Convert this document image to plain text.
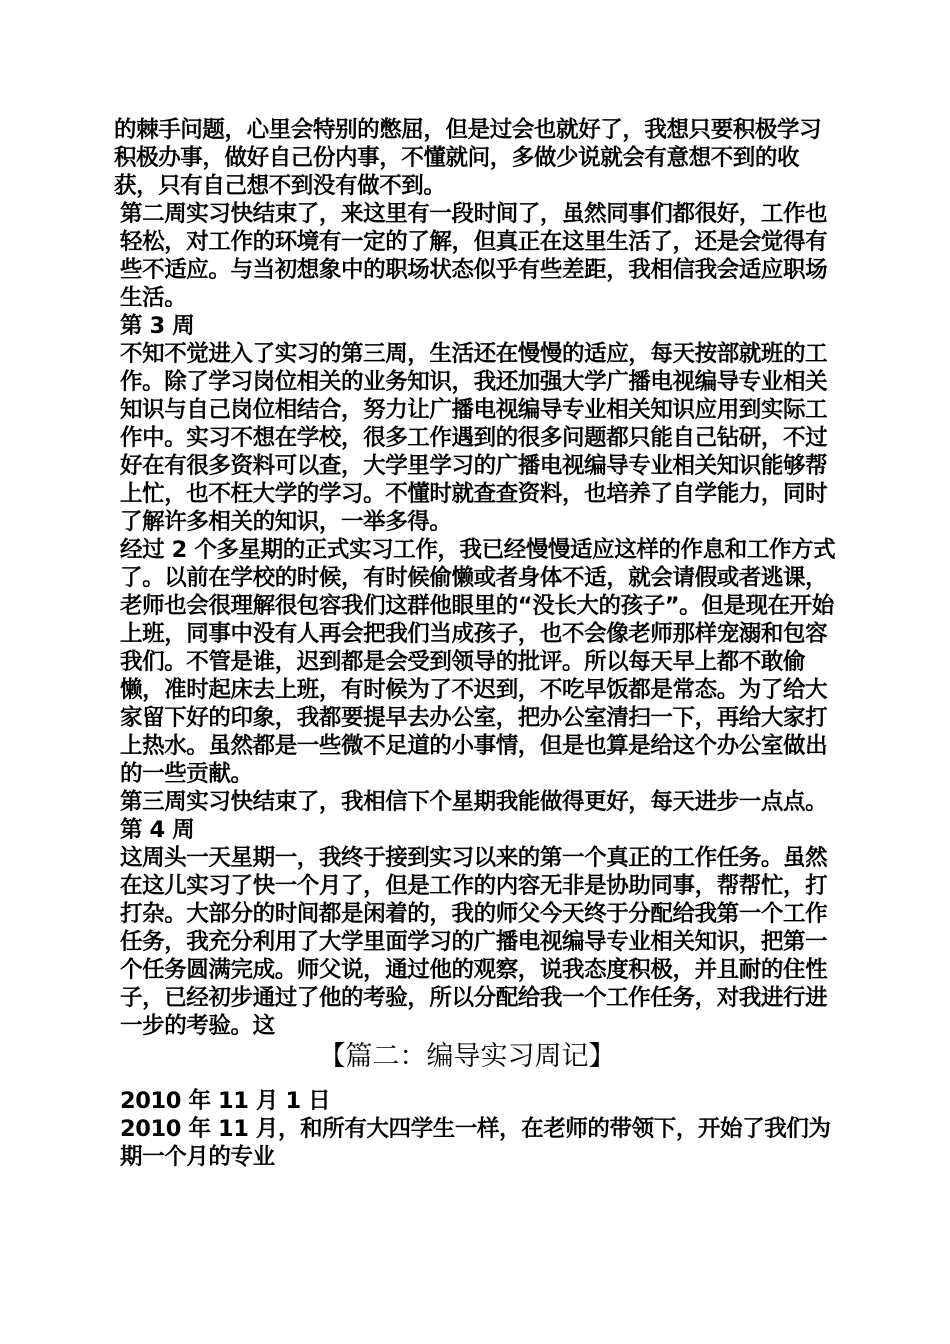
的棘手问题，心里会特别的憋屈，但是过会也就好了，我想只要积极学习积极办事，做好自己份内事，不懂就问，多做少说就会有意想不到的收获，只有自己想不到没有做不到。

第二周实习快结束了，来这里有一段时间了，虽然同事们都很好，工作也轻松，对工作的环境有一定的了解，但真正在这里生活了，还是会觉得有些不适应。与当初想象中的职场状态似乎有些差距，我相信我会适应职场生活。

第 3 周

不知不觉进入了实习的第三周，生活还在慢慢的适应，每天按部就班的工作。除了学习岗位相关的业务知识，我还加强大学广播电视编导专业相关知识与自己岗位相结合，努力让广播电视编导专业相关知识应用到实际工作中。实习不想在学校，很多工作遇到的很多问题都只能自己钻研，不过好在有很多资料可以查，大学里学习的广播电视编导专业相关知识能够帮上忙，也不枉大学的学习。不懂时就查查资料，也培养了自学能力，同时了解许多相关的知识，一举多得。

经过 2 个多星期的正式实习工作，我已经慢慢适应这样的作息和工作方式了。以前在学校的时候，有时候偷懒或者身体不适，就会请假或者逃课，老师也会很理解很包容我们这群他眼里的“没长大的孩子”。但是现在开始上班，同事中没有人再会把我们当成孩子，也不会像老师那样宠溺和包容我们。不管是谁，迟到都是会受到领导的批评。所以每天早上都不敢偷懒，准时起床去上班，有时候为了不迟到，不吃早饭都是常态。为了给大家留下好的印象，我都要提早去办公室，把办公室清扫一下，再给大家打上热水。虽然都是一些微不足道的小事情，但是也算是给这个办公室做出的一些贡献。

第三周实习快结束了，我相信下个星期我能做得更好，每天进步一点点。

第 4 周

这周头一天星期一，我终于接到实习以来的第一个真正的工作任务。虽然在这儿实习了快一个月了，但是工作的内容无非是协助同事，帮帮忙，打打杂。大部分的时间都是闲着的，我的师父今天终于分配给我第一个工作任务，我充分利用了大学里面学习的广播电视编导专业相关知识，把第一个任务圆满完成。师父说，通过他的观察，说我态度积极，并且耐的住性子，已经初步通过了他的考验，所以分配给我一个工作任务，对我进行进一步的考验。这

【篇二：编导实习周记】

2010 年 11 月 1 日

2010 年 11 月，和所有大四学生一样，在老师的带领下，开始了我们为期一个月的专业
